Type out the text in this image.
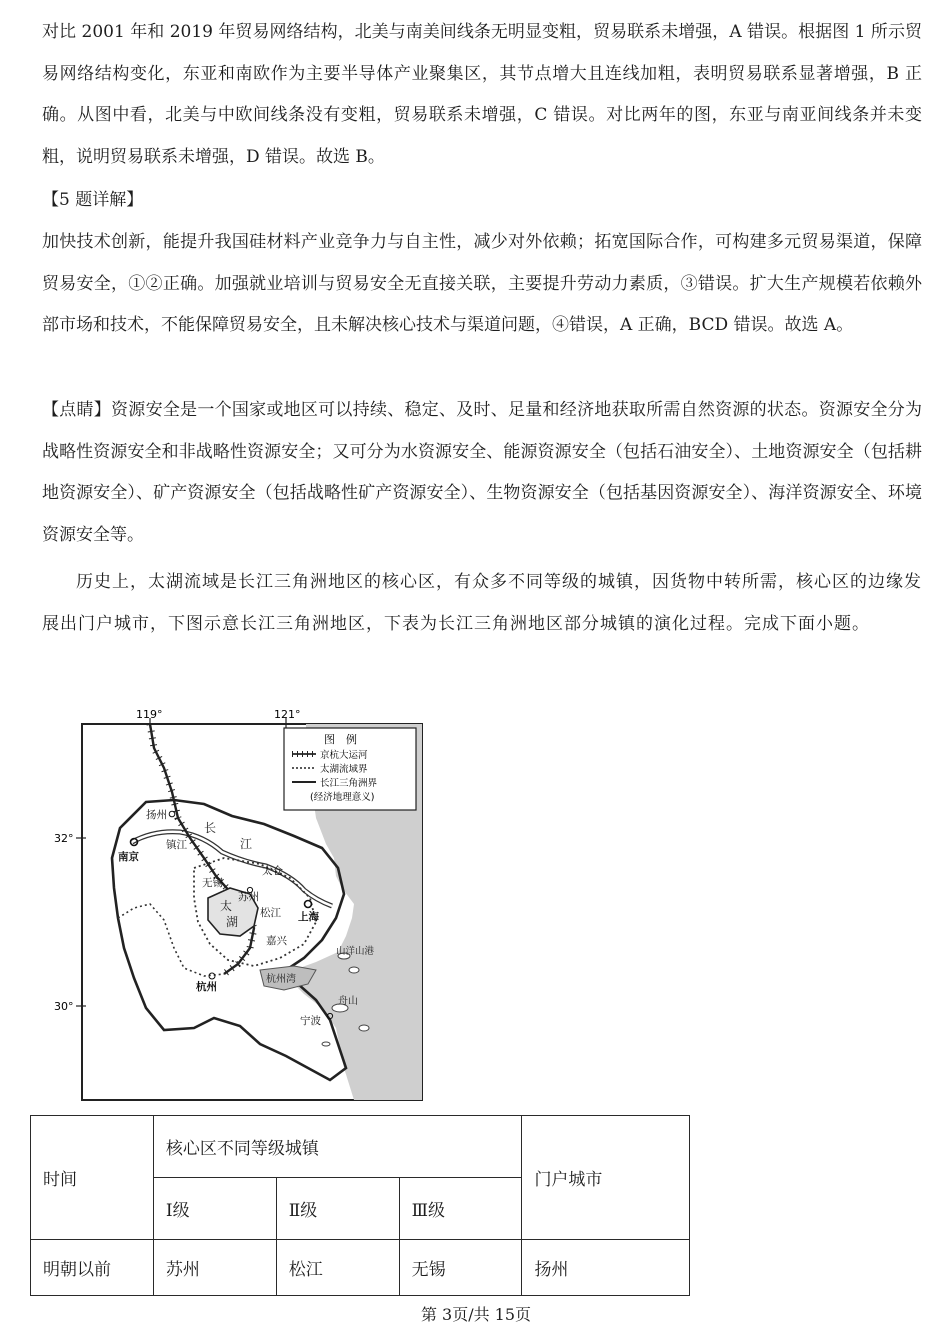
对比 2001 年和 2019 年贸易网络结构，北美与南美间线条无明显变粗，贸易联系未增强，A 错误。根据图 1 所示贸易网络结构变化，东亚和南欧作为主要半导体产业聚集区，其节点增大且连线加粗，表明贸易联系显著增强，B 正确。从图中看，北美与中欧间线条没有变粗，贸易联系未增强，C 错误。对比两年的图，东亚与南亚间线条并未变粗，说明贸易联系未增强，D 错误。故选 B。

【5 题详解】

加快技术创新，能提升我国硅材料产业竞争力与自主性，减少对外依赖；拓宽国际合作，可构建多元贸易渠道，保障贸易安全，①②正确。加强就业培训与贸易安全无直接关联，主要提升劳动力素质，③错误。扩大生产规模若依赖外部市场和技术，不能保障贸易安全，且未解决核心技术与渠道问题，④错误，A 正确，BCD 错误。故选 A。

【点睛】资源安全是一个国家或地区可以持续、稳定、及时、足量和经济地获取所需自然资源的状态。资源安全分为战略性资源安全和非战略性资源安全；又可分为水资源安全、能源资源安全（包括石油安全）、土地资源安全（包括耕地资源安全）、矿产资源安全（包括战略性矿产资源安全）、生物资源安全（包括基因资源安全）、海洋资源安全、环境资源安全等。

历史上，太湖流域是长江三角洲地区的核心区，有众多不同等级的城镇，因货物中转所需，核心区的边缘发展出门户城市，下图示意长江三角洲地区，下表为长江三角洲地区部分城镇的演化过程。完成下面小题。

119°	121°
32°
30°
图　例
京杭大运河
太湖流域界
长江三角洲界
(经济地理意义)
扬州
南京
镇江
无锡
苏州
太仓
松江 上海
杭州
宁波
嘉兴
长
江
太
湖
杭州湾
山洋山港
舟山
时间	核心区不同等级城镇			门户城市
	Ⅰ级	Ⅱ级	Ⅲ级	
明朝以前	苏州	松江	无锡	扬州
第 3页/共 15页
